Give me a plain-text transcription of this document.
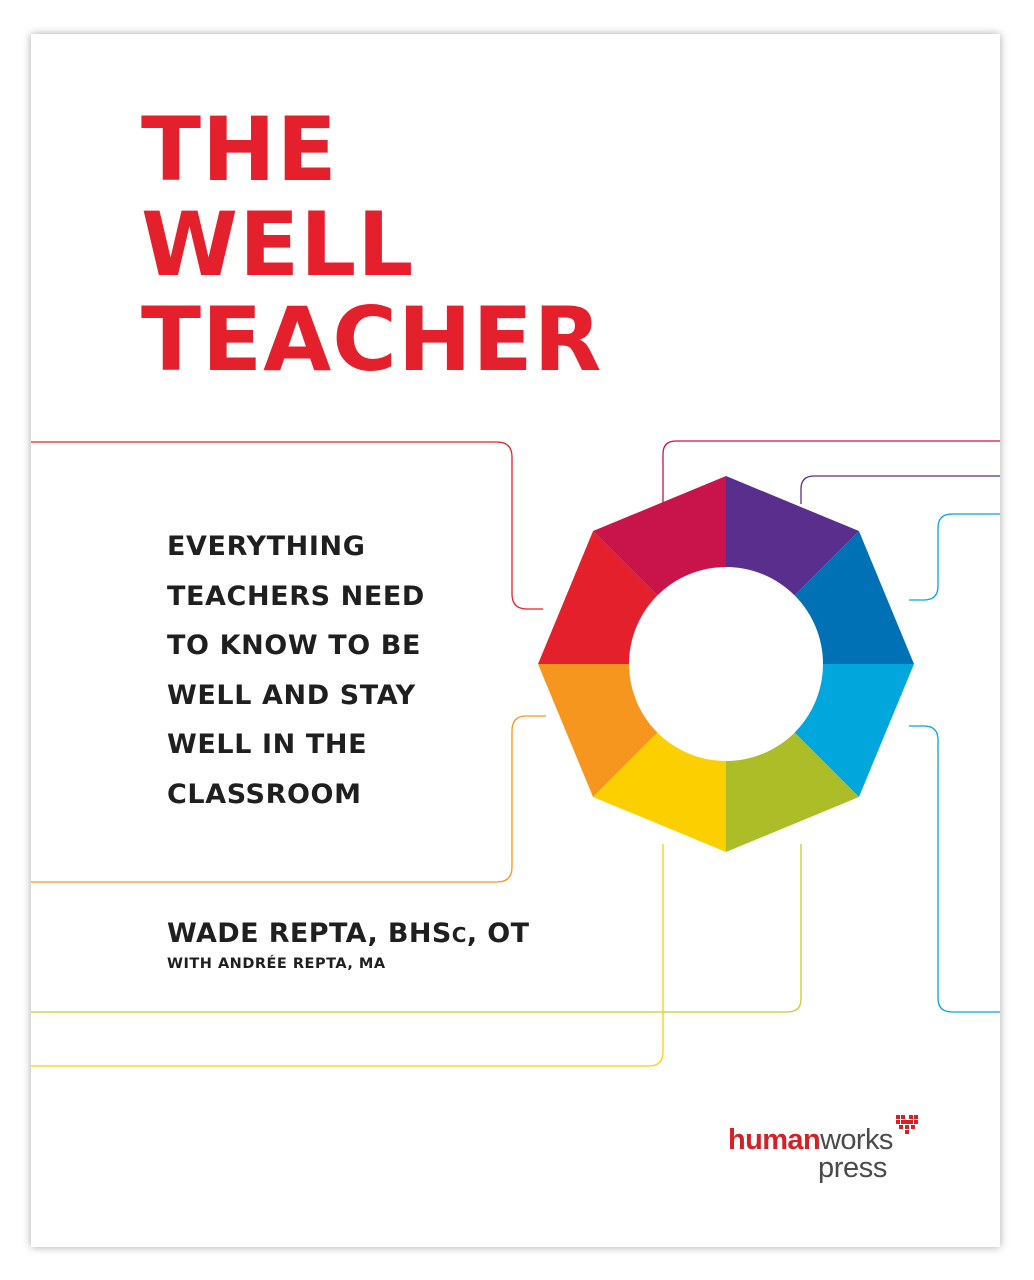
THE
WELL
TEACHER
EVERYTHING
TEACHERS NEED
TO KNOW TO BE
WELL AND STAY
WELL IN THE
CLASSROOM
WADE REPTA, BHSC, OT
WITH ANDRÉE REPTA, MA
humanworks
press
